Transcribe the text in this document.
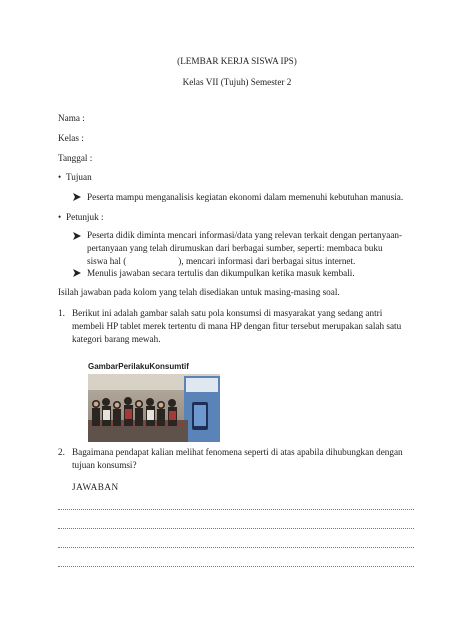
(LEMBAR KERJA SISWA IPS)
Kelas VII (Tujuh) Semester 2
Nama :
Kelas :
Tanggal :
• Tujuan
Peserta mampu menganalisis kegiatan ekonomi dalam memenuhi kebutuhan manusia.
• Petunjuk :
Peserta didik diminta mencari informasi/data yang relevan terkait dengan pertanyaan-
pertanyaan yang telah dirumuskan dari berbagai sumber, seperti: membaca buku
siswa hal (	), mencari informasi dari berbagai situs internet.
Menulis jawaban secara tertulis dan dikumpulkan ketika masuk kembali.
Isilah jawaban pada kolom yang telah disediakan untuk masing-masing soal.
1. Berikut ini adalah gambar salah satu pola konsumsi di masyarakat yang sedang antri
membeli HP tablet merek tertentu di mana HP dengan fitur tersebut merupakan salah satu
kategori barang mewah.
GambarPerilakuKonsumtif
2. Bagaimana pendapat kalian melihat fenomena seperti di atas apabila dihubungkan dengan
tujuan konsumsi?
JAWABAN
